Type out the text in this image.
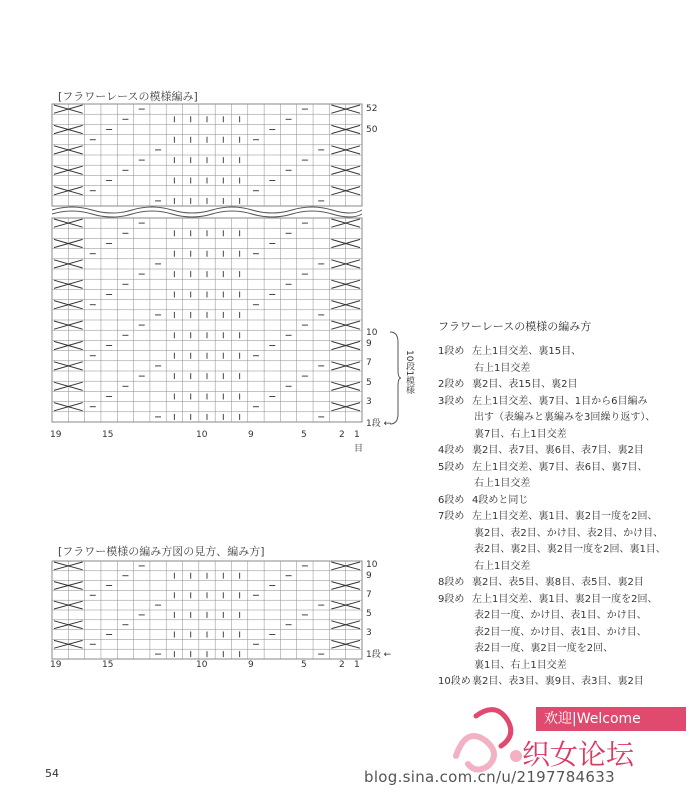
[フラワーレースの模様編み]
52
50
10
9
7
5
3
1段 ←
10段1模様
19	15	10	9	5	2 1
目
[フラワー模様の編み方図の見方、編み方]
10
9
7
5
3
1段 ←
19	15	10	9	5	2 1
フラワーレースの模様の編み方
1段め 左上1目交差、裏15目、
右上1目交差
2段め 裏2目、表15目、裏2目
3段め 左上1目交差、裏7目、1目から6目編み
出す（表編みと裏編みを3回繰り返す）、
裏7目、右上1目交差
4段め 裏2目、表7目、裏6目、表7目、裏2目
5段め 左上1目交差、裏7目、表6目、裏7目、
右上1目交差
6段め 4段めと同じ
7段め 左上1目交差、裏1目、裏2目一度を2回、
裏2目、表2目、かけ目、表2目、かけ目、
表2目、裏2目、裏2目一度を2回、裏1目、
右上1目交差
8段め 裏2目、表5目、裏8目、表5目、裏2目
9段め 左上1目交差、裏1目、裏2目一度を2回、
表2目一度、かけ目、表1目、かけ目、
表2目一度、かけ目、表1目、かけ目、
表2目一度、裏2目一度を2回、
裏1目、右上1目交差
10段め裏2目、表3目、裏9目、表3目、裏2目
54
欢迎|Welcome
织女论坛
blog.sina.com.cn/u/2197784633
